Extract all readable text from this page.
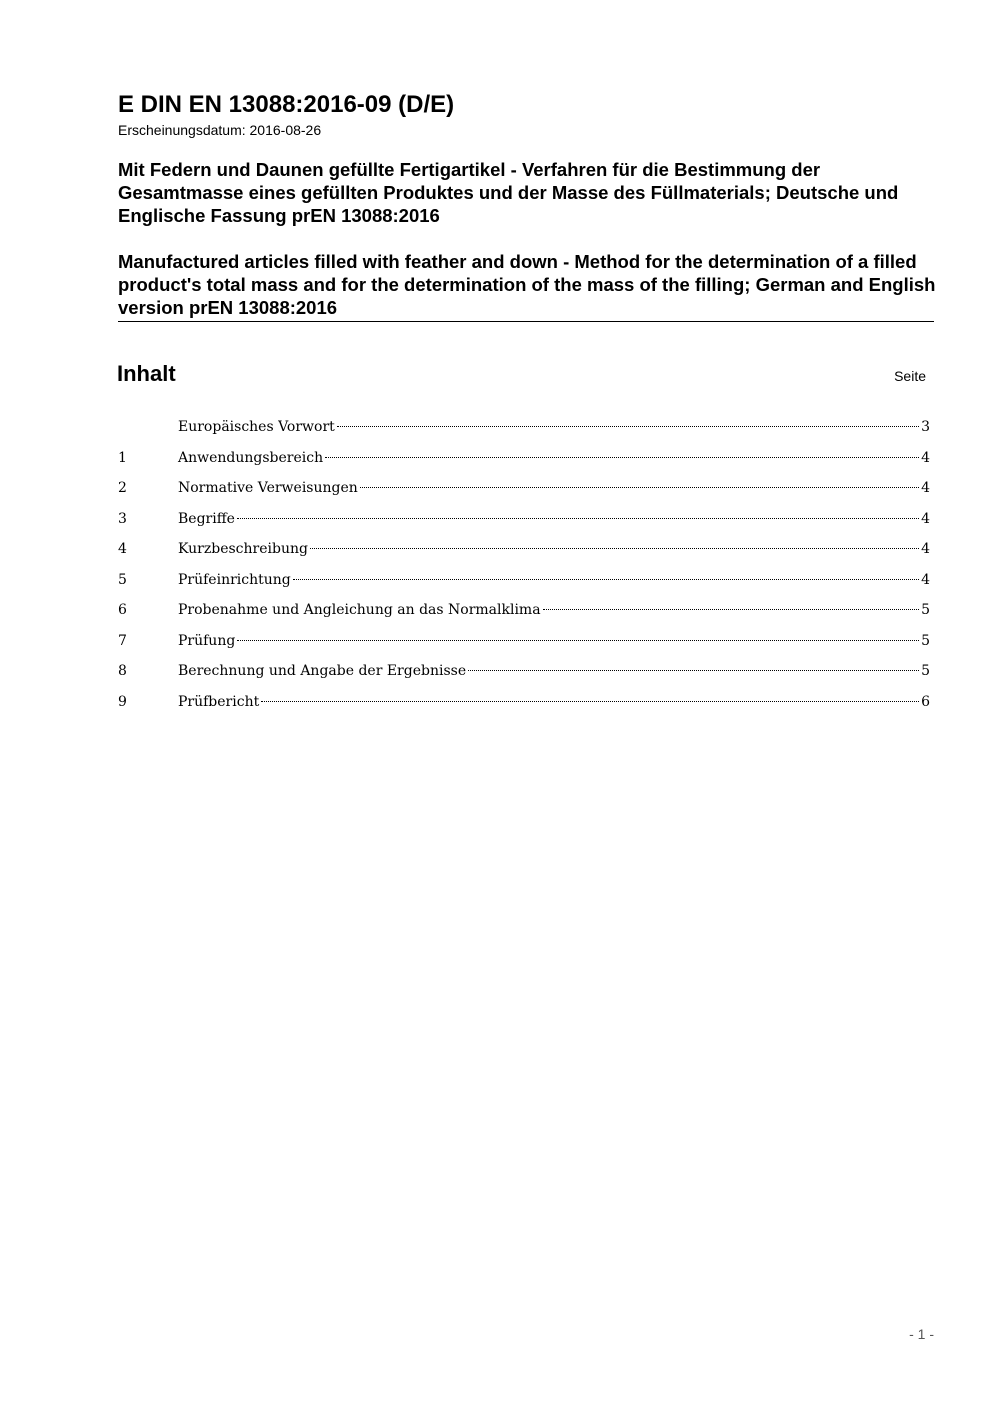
E DIN EN 13088:2016-09 (D/E)
Erscheinungsdatum: 2016-08-26

Mit Federn und Daunen gefüllte Fertigartikel - Verfahren für die Bestimmung der Gesamtmasse eines gefüllten Produktes und der Masse des Füllmaterials; Deutsche und Englische Fassung prEN 13088:2016

Manufactured articles filled with feather and down - Method for the determination of a filled product's total mass and for the determination of the mass of the filling; German and English version prEN 13088:2016

Inhalt	Seite
Europäisches Vorwort	3
1	Anwendungsbereich	4
2	Normative Verweisungen	4
3	Begriffe	4
4	Kurzbeschreibung	4
5	Prüfeinrichtung	4
6	Probenahme und Angleichung an das Normalklima	5
7	Prüfung	5
8	Berechnung und Angabe der Ergebnisse	5
9	Prüfbericht	6
- 1 -
